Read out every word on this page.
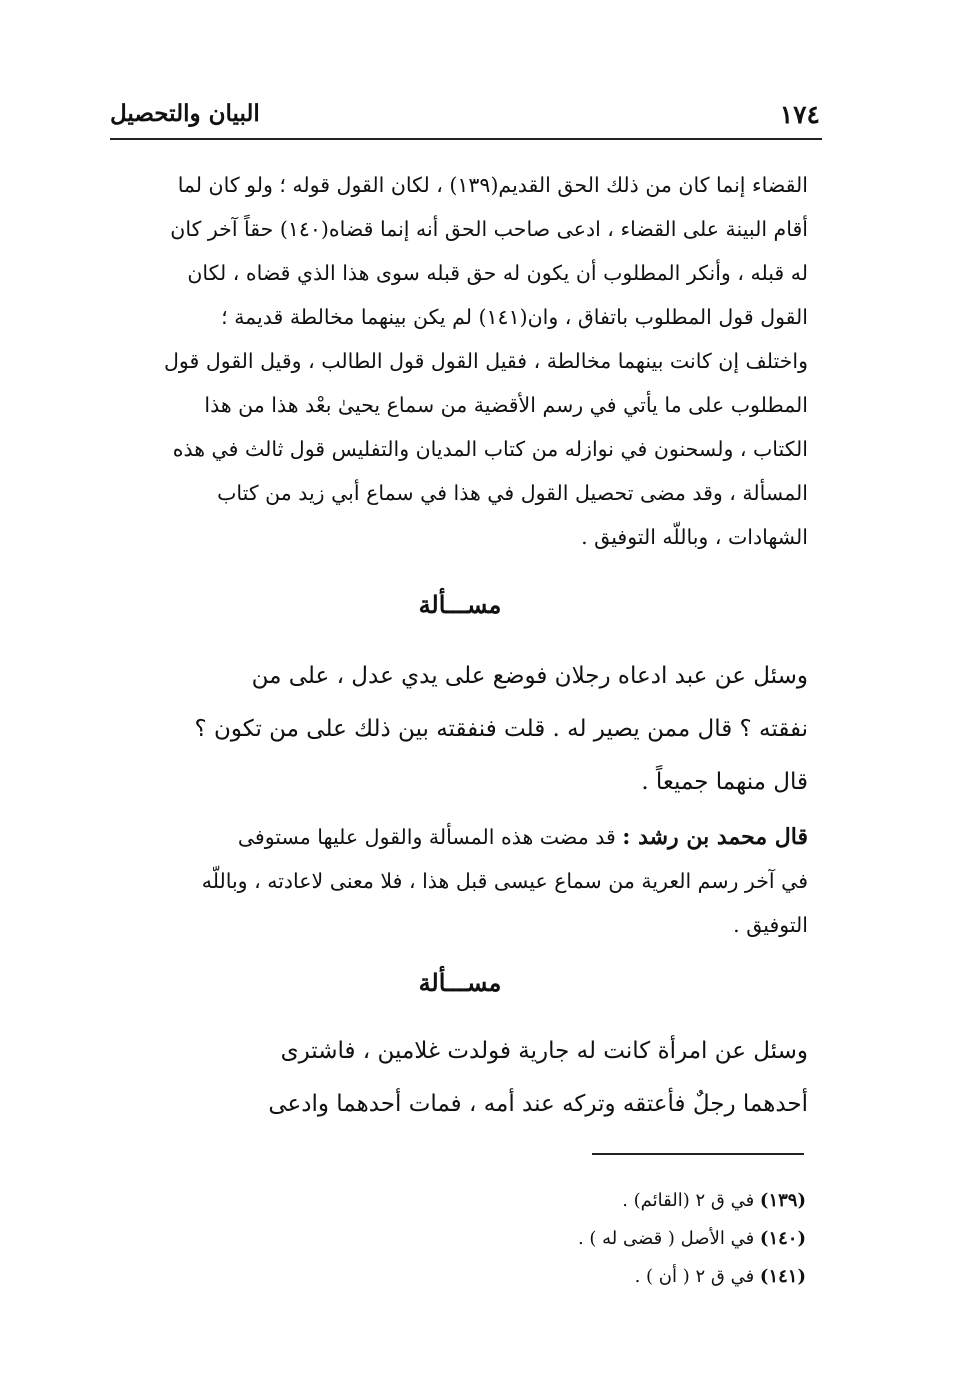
١٧٤
البيان والتحصيل
القضاء إنما كان من ذلك الحق القديم(١٣٩) ، لكان القول قوله ؛ ولو كان لما
أقام البينة على القضاء ، ادعى صاحب الحق أنه إنما قضاه(١٤٠) حقاً آخر كان
له قبله ، وأنكر المطلوب أن يكون له حق قبله سوى هذا الذي قضاه ، لكان
القول قول المطلوب باتفاق ، وان(١٤١) لم يكن بينهما مخالطة قديمة ؛
واختلف إن كانت بينهما مخالطة ، فقيل القول قول الطالب ، وقيل القول قول
المطلوب على ما يأتي في رسم الأقضية من سماع يحيىٰ بعْد هذا من هذا
الكتاب ، ولسحنون في نوازله من كتاب المديان والتفليس قول ثالث في هذه
المسألة ، وقد مضى تحصيل القول في هذا في سماع أبي زيد من كتاب
الشهادات ، وباللّه التوفيق .
مســـألة
وسئل عن عبد ادعاه رجلان فوضع على يدي عدل ، على من
نفقته ؟ قال ممن يصير له . قلت فنفقته بين ذلك على من تكون ؟
قال منهما جميعاً .
قال محمد بن رشد : قد مضت هذه المسألة والقول عليها مستوفى
في آخر رسم العرية من سماع عيسى قبل هذا ، فلا معنى لاعادته ، وباللّه
التوفيق .
مســـألة
وسئل عن امرأة كانت له جارية فولدت غلامين ، فاشترى
أحدهما رجلٌ فأعتقه وتركه عند أمه ، فمات أحدهما وادعى
(١٣٩) في ق ٢ (القائم) .
(١٤٠) في الأصل ( قضى له ) .
(١٤١) في ق ٢ ( أن ) .
